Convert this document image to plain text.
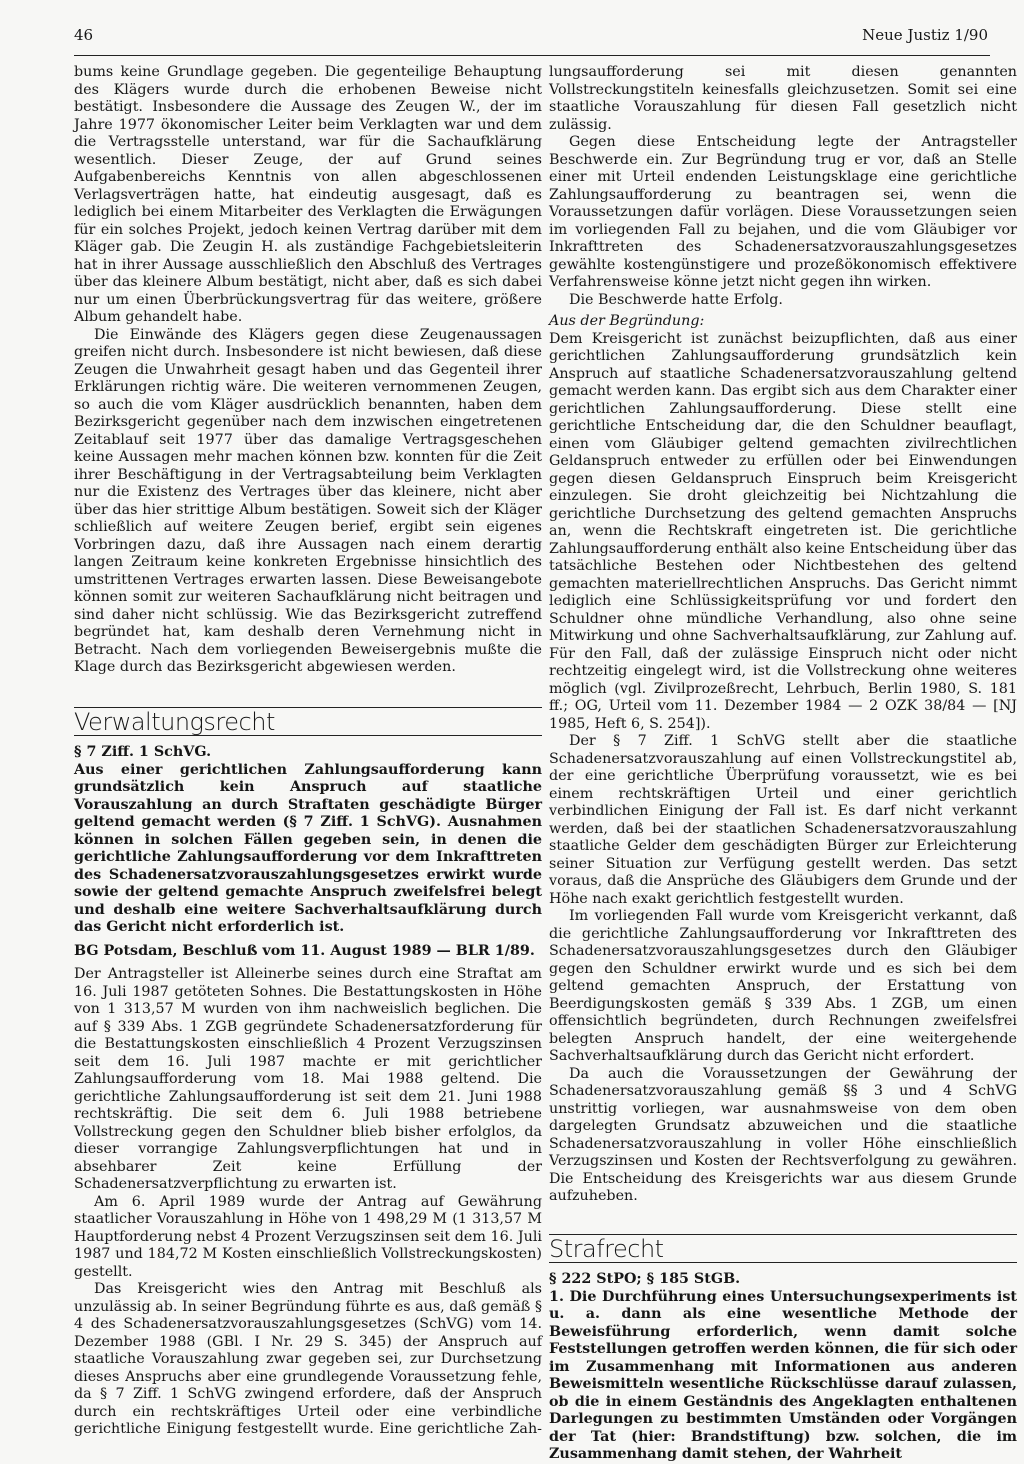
46	Neue Justiz 1/90

bums keine Grundlage gegeben. Die gegenteilige Behauptung des Klägers wurde durch die erhobenen Beweise nicht bestätigt. Insbesondere die Aussage des Zeugen W., der im Jahre 1977 ökonomischer Leiter beim Verklagten war und dem die Vertragsstelle unterstand, war für die Sachaufklärung wesentlich. Dieser Zeuge, der auf Grund seines Aufgabenbereichs Kenntnis von allen abgeschlossenen Verlagsverträgen hatte, hat eindeutig ausgesagt, daß es lediglich bei einem Mitarbeiter des Verklagten die Erwägungen für ein solches Projekt, jedoch keinen Vertrag darüber mit dem Kläger gab. Die Zeugin H. als zuständige Fachgebietsleiterin hat in ihrer Aussage ausschließlich den Abschluß des Vertrages über das kleinere Album bestätigt, nicht aber, daß es sich dabei nur um einen Überbrückungsvertrag für das weitere, größere Album gehandelt habe.

Die Einwände des Klägers gegen diese Zeugenaussagen greifen nicht durch. Insbesondere ist nicht bewiesen, daß diese Zeugen die Unwahrheit gesagt haben und das Gegenteil ihrer Erklärungen richtig wäre. Die weiteren vernommenen Zeugen, so auch die vom Kläger ausdrücklich benannten, haben dem Bezirksgericht gegenüber nach dem inzwischen eingetretenen Zeitablauf seit 1977 über das damalige Vertragsgeschehen keine Aussagen mehr machen können bzw. konnten für die Zeit ihrer Beschäftigung in der Vertragsabteilung beim Verklagten nur die Existenz des Vertrages über das kleinere, nicht aber über das hier strittige Album bestätigen. Soweit sich der Kläger schließlich auf weitere Zeugen berief, ergibt sein eigenes Vorbringen dazu, daß ihre Aussagen nach einem derartig langen Zeitraum keine konkreten Ergebnisse hinsichtlich des umstrittenen Vertrages erwarten lassen. Diese Beweisangebote können somit zur weiteren Sachaufklärung nicht beitragen und sind daher nicht schlüssig. Wie das Bezirksgericht zutreffend begründet hat, kam deshalb deren Vernehmung nicht in Betracht. Nach dem vorliegenden Beweisergebnis mußte die Klage durch das Bezirksgericht abgewiesen werden.

Verwaltungsrecht

§ 7 Ziff. 1 SchVG.

Aus einer gerichtlichen Zahlungsaufforderung kann grundsätzlich kein Anspruch auf staatliche Vorauszahlung an durch Straftaten geschädigte Bürger geltend gemacht werden (§ 7 Ziff. 1 SchVG). Ausnahmen können in solchen Fällen gegeben sein, in denen die gerichtliche Zahlungsaufforderung vor dem Inkrafttreten des Schadenersatzvorauszahlungsgesetzes erwirkt wurde sowie der geltend gemachte Anspruch zweifelsfrei belegt und deshalb eine weitere Sachverhaltsaufklärung durch das Gericht nicht erforderlich ist.

BG Potsdam, Beschluß vom 11. August 1989 — BLR 1/89.

Der Antragsteller ist Alleinerbe seines durch eine Straftat am 16. Juli 1987 getöteten Sohnes. Die Bestattungskosten in Höhe von 1 313,57 M wurden von ihm nachweislich beglichen. Die auf § 339 Abs. 1 ZGB gegründete Schadenersatzforderung für die Bestattungskosten einschließlich 4 Prozent Verzugszinsen seit dem 16. Juli 1987 machte er mit gerichtlicher Zahlungsaufforderung vom 18. Mai 1988 geltend. Die gerichtliche Zahlungsaufforderung ist seit dem 21. Juni 1988 rechtskräftig. Die seit dem 6. Juli 1988 betriebene Vollstreckung gegen den Schuldner blieb bisher erfolglos, da dieser vorrangige Zahlungsverpflichtungen hat und in absehbarer Zeit keine Erfüllung der Schadenersatzverpflichtung zu erwarten ist.

Am 6. April 1989 wurde der Antrag auf Gewährung staatlicher Vorauszahlung in Höhe von 1 498,29 M (1 313,57 M Hauptforderung nebst 4 Prozent Verzugszinsen seit dem 16. Juli 1987 und 184,72 M Kosten einschließlich Vollstreckungskosten) gestellt.

Das Kreisgericht wies den Antrag mit Beschluß als unzulässig ab. In seiner Begründung führte es aus, daß gemäß § 4 des Schadenersatzvorauszahlungsgesetzes (SchVG) vom 14. Dezember 1988 (GBl. I Nr. 29 S. 345) der Anspruch auf staatliche Vorauszahlung zwar gegeben sei, zur Durchsetzung dieses Anspruchs aber eine grundlegende Voraussetzung fehle, da § 7 Ziff. 1 SchVG zwingend erfordere, daß der Anspruch durch ein rechtskräftiges Urteil oder eine verbindliche gerichtliche Einigung festgestellt wurde. Eine gerichtliche Zah-

lungsaufforderung sei mit diesen genannten Vollstreckungstiteln keinesfalls gleichzusetzen. Somit sei eine staatliche Vorauszahlung für diesen Fall gesetzlich nicht zulässig.

Gegen diese Entscheidung legte der Antragsteller Beschwerde ein. Zur Begründung trug er vor, daß an Stelle einer mit Urteil endenden Leistungsklage eine gerichtliche Zahlungsaufforderung zu beantragen sei, wenn die Voraussetzungen dafür vorlägen. Diese Voraussetzungen seien im vorliegenden Fall zu bejahen, und die vom Gläubiger vor Inkrafttreten des Schadenersatzvorauszahlungsgesetzes gewählte kostengünstigere und prozeßökonomisch effektivere Verfahrensweise könne jetzt nicht gegen ihn wirken.

Die Beschwerde hatte Erfolg.

Aus der Begründung:

Dem Kreisgericht ist zunächst beizupflichten, daß aus einer gerichtlichen Zahlungsaufforderung grundsätzlich kein Anspruch auf staatliche Schadenersatzvorauszahlung geltend gemacht werden kann. Das ergibt sich aus dem Charakter einer gerichtlichen Zahlungsaufforderung. Diese stellt eine gerichtliche Entscheidung dar, die den Schuldner beauflagt, einen vom Gläubiger geltend gemachten zivilrechtlichen Geldanspruch entweder zu erfüllen oder bei Einwendungen gegen diesen Geldanspruch Einspruch beim Kreisgericht einzulegen. Sie droht gleichzeitig bei Nichtzahlung die gerichtliche Durchsetzung des geltend gemachten Anspruchs an, wenn die Rechtskraft eingetreten ist. Die gerichtliche Zahlungsaufforderung enthält also keine Entscheidung über das tatsächliche Bestehen oder Nichtbestehen des geltend gemachten materiellrechtlichen Anspruchs. Das Gericht nimmt lediglich eine Schlüssigkeitsprüfung vor und fordert den Schuldner ohne mündliche Verhandlung, also ohne seine Mitwirkung und ohne Sachverhaltsaufklärung, zur Zahlung auf. Für den Fall, daß der zulässige Einspruch nicht oder nicht rechtzeitig eingelegt wird, ist die Vollstreckung ohne weiteres möglich (vgl. Zivilprozeßrecht, Lehrbuch, Berlin 1980, S. 181 ff.; OG, Urteil vom 11. Dezember 1984 — 2 OZK 38/84 — [NJ 1985, Heft 6, S. 254]).

Der § 7 Ziff. 1 SchVG stellt aber die staatliche Schadenersatzvorauszahlung auf einen Vollstreckungstitel ab, der eine gerichtliche Überprüfung voraussetzt, wie es bei einem rechtskräftigen Urteil und einer gerichtlich verbindlichen Einigung der Fall ist. Es darf nicht verkannt werden, daß bei der staatlichen Schadenersatzvorauszahlung staatliche Gelder dem geschädigten Bürger zur Erleichterung seiner Situation zur Verfügung gestellt werden. Das setzt voraus, daß die Ansprüche des Gläubigers dem Grunde und der Höhe nach exakt gerichtlich festgestellt wurden.

Im vorliegenden Fall wurde vom Kreisgericht verkannt, daß die gerichtliche Zahlungsaufforderung vor Inkrafttreten des Schadenersatzvorauszahlungsgesetzes durch den Gläubiger gegen den Schuldner erwirkt wurde und es sich bei dem geltend gemachten Anspruch, der Erstattung von Beerdigungskosten gemäß § 339 Abs. 1 ZGB, um einen offensichtlich begründeten, durch Rechnungen zweifelsfrei belegten Anspruch handelt, der eine weitergehende Sachverhaltsaufklärung durch das Gericht nicht erfordert.

Da auch die Voraussetzungen der Gewährung der Schadenersatzvorauszahlung gemäß §§ 3 und 4 SchVG unstrittig vorliegen, war ausnahmsweise von dem oben dargelegten Grundsatz abzuweichen und die staatliche Schadenersatzvorauszahlung in voller Höhe einschließlich Verzugszinsen und Kosten der Rechtsverfolgung zu gewähren. Die Entscheidung des Kreisgerichts war aus diesem Grunde aufzuheben.

Strafrecht

§ 222 StPO; § 185 StGB.

1. Die Durchführung eines Untersuchungsexperiments ist u. a. dann als eine wesentliche Methode der Beweisführung erforderlich, wenn damit solche Feststellungen getroffen werden können, die für sich oder im Zusammenhang mit Informationen aus anderen Beweismitteln wesentliche Rückschlüsse darauf zulassen, ob die in einem Geständnis des Angeklagten enthaltenen Darlegungen zu bestimmten Umständen oder Vorgängen der Tat (hier: Brandstiftung) bzw. solchen, die im Zusammenhang damit stehen, der Wahrheit
